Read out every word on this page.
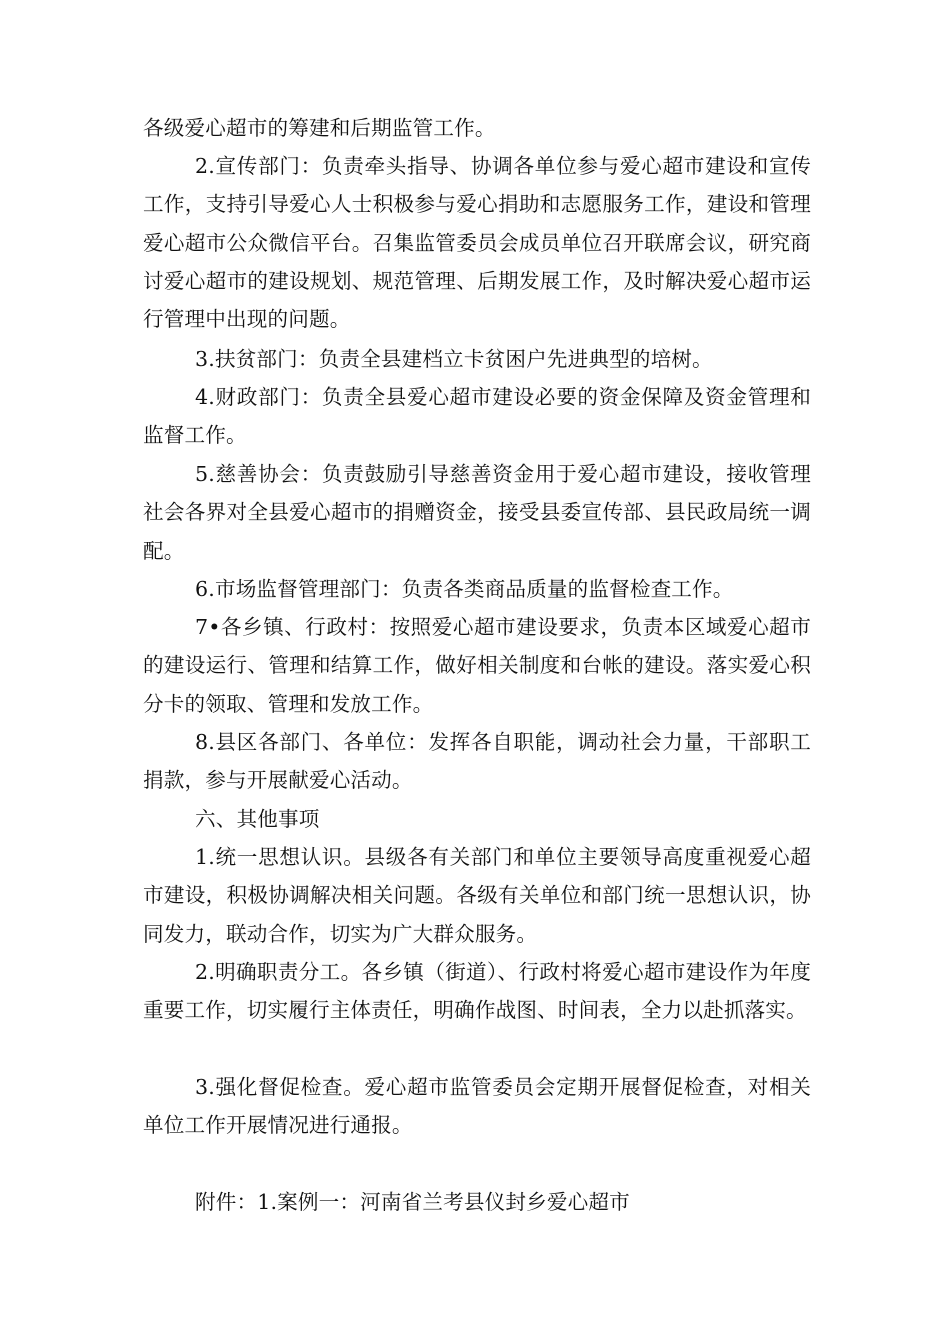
各级爱心超市的筹建和后期监管工作。

2.宣传部门：负责牵头指导、协调各单位参与爱心超市建设和宣传工作，支持引导爱心人士积极参与爱心捐助和志愿服务工作，建设和管理爱心超市公众微信平台。召集监管委员会成员单位召开联席会议，研究商讨爱心超市的建设规划、规范管理、后期发展工作，及时解决爱心超市运行管理中出现的问题。

3.扶贫部门：负责全县建档立卡贫困户先进典型的培树。

4.财政部门：负责全县爱心超市建设必要的资金保障及资金管理和监督工作。

5.慈善协会：负责鼓励引导慈善资金用于爱心超市建设，接收管理社会各界对全县爱心超市的捐赠资金，接受县委宣传部、县民政局统一调配。

6.市场监督管理部门：负责各类商品质量的监督检查工作。

7•各乡镇、行政村：按照爱心超市建设要求，负责本区域爱心超市的建设运行、管理和结算工作，做好相关制度和台帐的建设。落实爱心积分卡的领取、管理和发放工作。

8.县区各部门、各单位：发挥各自职能，调动社会力量，干部职工捐款，参与开展献爱心活动。

六、其他事项

1.统一思想认识。县级各有关部门和单位主要领导高度重视爱心超市建设，积极协调解决相关问题。各级有关单位和部门统一思想认识，协同发力，联动合作，切实为广大群众服务。

2.明确职责分工。各乡镇（街道）、行政村将爱心超市建设作为年度重要工作，切实履行主体责任，明确作战图、时间表，全力以赴抓落实。

3.强化督促检查。爱心超市监管委员会定期开展督促检查，对相关单位工作开展情况进行通报。

附件：1.案例一：河南省兰考县仪封乡爱心超市
